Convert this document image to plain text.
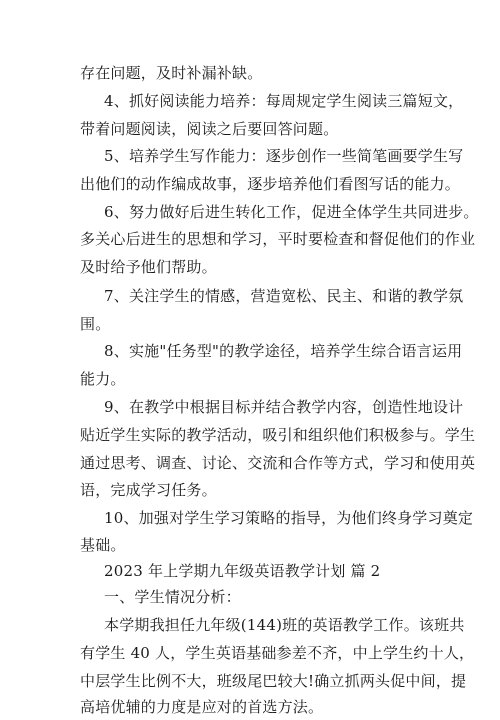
存在问题，及时补漏补缺。
4、抓好阅读能力培养：每周规定学生阅读三篇短文，
带着问题阅读，阅读之后要回答问题。
5、培养学生写作能力：逐步创作一些简笔画要学生写
出他们的动作编成故事，逐步培养他们看图写话的能力。
6、努力做好后进生转化工作，促进全体学生共同进步。
多关心后进生的思想和学习，平时要检查和督促他们的作业
及时给予他们帮助。
7、关注学生的情感，营造宽松、民主、和谐的教学氛
围。
8、实施"任务型"的教学途径，培养学生综合语言运用
能力。
9、在教学中根据目标并结合教学内容，创造性地设计
贴近学生实际的教学活动，吸引和组织他们积极参与。学生
通过思考、调查、讨论、交流和合作等方式，学习和使用英
语，完成学习任务。
10、加强对学生学习策略的指导，为他们终身学习奠定
基础。
2023 年上学期九年级英语教学计划 篇 2
一、学生情况分析：
本学期我担任九年级(144)班的英语教学工作。该班共
有学生 40 人，学生英语基础参差不齐，中上学生约十人，
中层学生比例不大，班级尾巴较大!确立抓两头促中间，提
高培优辅的力度是应对的首选方法。
